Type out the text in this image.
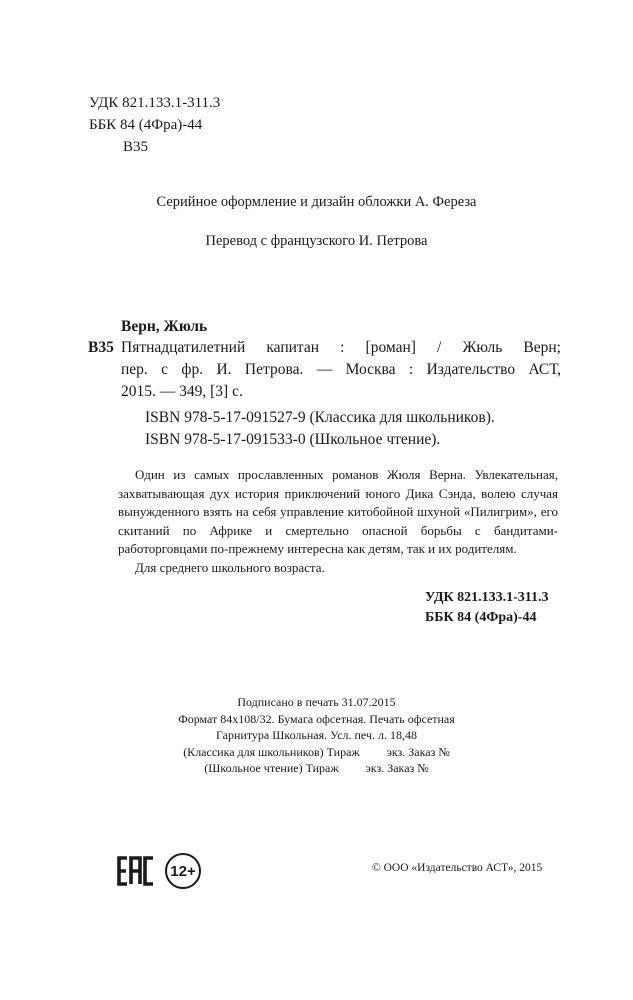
УДК 821.133.1-311.3
ББК 84 (4Фра)-44
В35
Серийное оформление и дизайн обложки А. Фереза
Перевод с французского И. Петрова
Верн, Жюль
В35 Пятнадцатилетний капитан : [роман] / Жюль Верн;
пер. с фр. И. Петрова. — Москва : Издательство АСТ,
2015. — 349, [3] с.
ISBN 978-5-17-091527-9 (Классика для школьников).
ISBN 978-5-17-091533-0 (Школьное чтение).

Один из самых прославленных романов Жюля Верна. Увлекательная, захватывающая дух история приключений юного Дика Сэнда, волею случая вынужденного взять на себя управление китобойной шхуной «Пилигрим», его скитаний по Африке и смертельно опасной борьбы с бандитами-работорговцами по-прежнему интересна как детям, так и их родителям.

Для среднего школьного возраста.

УДК 821.133.1-311.3
ББК 84 (4Фра)-44
Подписано в печать 31.07.2015
Формат 84x108/32. Бумага офсетная. Печать офсетная
Гарнитура Школьная. Усл. печ. л. 18,48
(Классика для школьников) Тираж         экз. Заказ №
(Школьное чтение) Тираж         экз. Заказ №
12+	© ООО «Издательство АСТ», 2015
